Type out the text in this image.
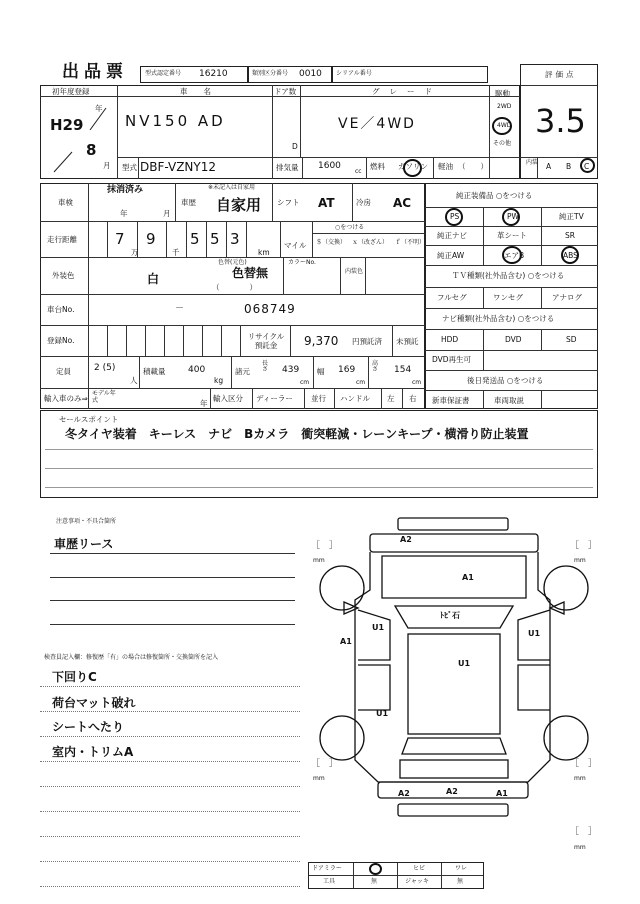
出品票	型式認定番号 16210	類別区分番号 0010 シリアル番号	評価点
3.5
初年度登録
H29
年
8
月
車名
NV150 AD
ドア数
D
グレード
VE／4WD
駆動
2WD
4WD
その他
型式 DBF-VZNY12	排気量 1600
cc
燃料 ガソリン 軽油 （　　）	内装 A B C
車検
抹消済み
年	月
車歴
※未記入は自家用
自家用 シフト AT	冷房 AC
走行距離	7 9 5 5 3
万	千	km
マイル
○をつける
＄（交換） ｘ（改ざん） ｆ（不明）
外装色	白
色替(元色)
色替無
（　　　　）
カラーNo.
内装色
車台No.	－	068749
登録No.	リサイクル預託金	9,370 円預託済 未預託
定員	2 (5)
人
積載量	400
kg
諸元
長さ 439
cm
幅 169
cm
高さ 154
cm
輸入車のみ⇒
モデル年式	年
輸入区分 ディーラー 並行 ハンドル 左 右
純正装備品 ○をつける
PS	PW	純正TV
純正ナビ	革シート	SR
純正AW	エアB	ABS
ＴＶ種類(社外品含む) ○をつける
フルセグ	ワンセグ	アナログ
ナビ種類(社外品含む) ○をつける
HDD	DVD	SD
DVD再生可
後日発送品 ○をつける
新車保証書	車両取説
セールスポイント
冬タイヤ装着　キーレス　ナビ　Bカメラ　衝突軽減・レーンキープ・横滑り防止装置
注意事項・不具合箇所
車歴リース
検査員記入欄：修復歴「有」の場合は修復箇所・交換箇所を記入
下回りC
荷台マット破れ
シートへたり
室内・トリムA
A2
A1
ﾄﾋﾞ石
U1
A1
U1
U1
U1
A2	A2	A1
［　］
mm
［　］
mm
［　］
mm
［　］
mm
［　］
mm
ドアミラー	ヒビ	ワレ
工具	無	ジャッキ	無
